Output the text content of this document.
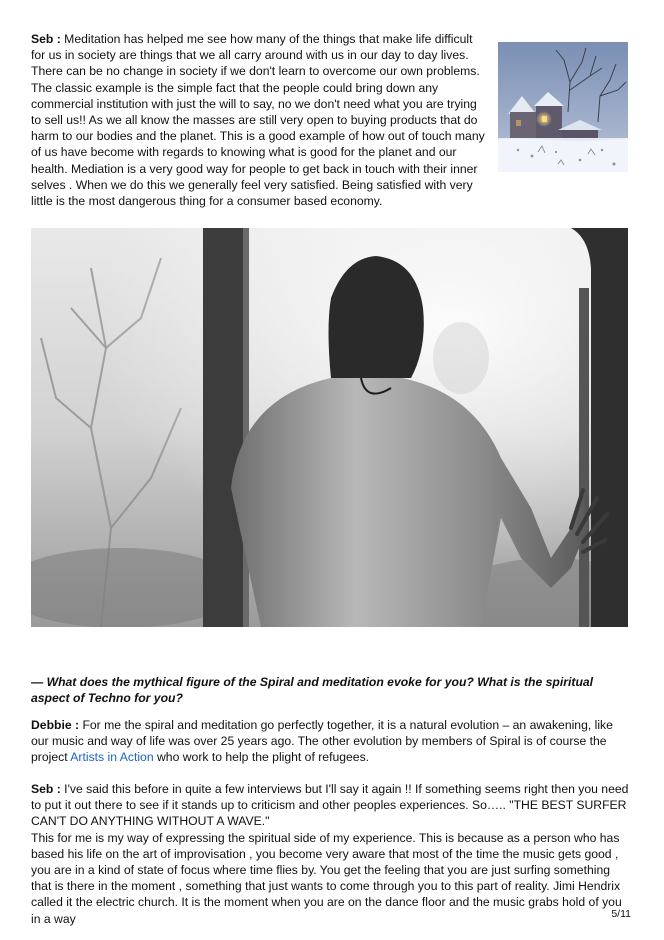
Seb : Meditation has helped me see how many of the things that make life difficult for us in society are things that we all carry around with us in our day to day lives. There can be no change in society if we don't learn to overcome our own problems. The classic example is the simple fact that the people could bring down any commercial institution with just the will to say, no we don't need what you are trying to sell us!! As we all know the masses are still very open to buying products that do harm to our bodies and the planet. This is a good example of how out of touch many of us have become with regards to knowing what is good for the planet and our health. Mediation is a very good way for people to get back in touch with their inner selves . When we do this we generally feel very satisfied. Being satisfied with very little is the most dangerous thing for a consumer based economy.

— What does the mythical figure of the Spiral and meditation evoke for you? What is the spiritual aspect of Techno for you?

Debbie : For me the spiral and meditation go perfectly together, it is a natural evolution – an awakening, like our music and way of life was over 25 years ago. The other evolution by members of Spiral is of course the project Artists in Action who work to help the plight of refugees.

Seb : I've said this before in quite a few interviews but I'll say it again !! If something seems right then you need to put it out there to see if it stands up to criticism and other peoples experiences. So….. "THE BEST SURFER CAN'T DO ANYTHING WITHOUT A WAVE."

This for me is my way of expressing the spiritual side of my experience. This is because as a person who has based his life on the art of improvisation , you become very aware that most of the time the music gets good , you are in a kind of state of focus where time flies by. You get the feeling that you are just surfing something that is there in the moment , something that just wants to come through you to this part of reality. Jimi Hendrix called it the electric church. It is the moment when you are on the dance floor and the music grabs hold of you in a way	5/11
